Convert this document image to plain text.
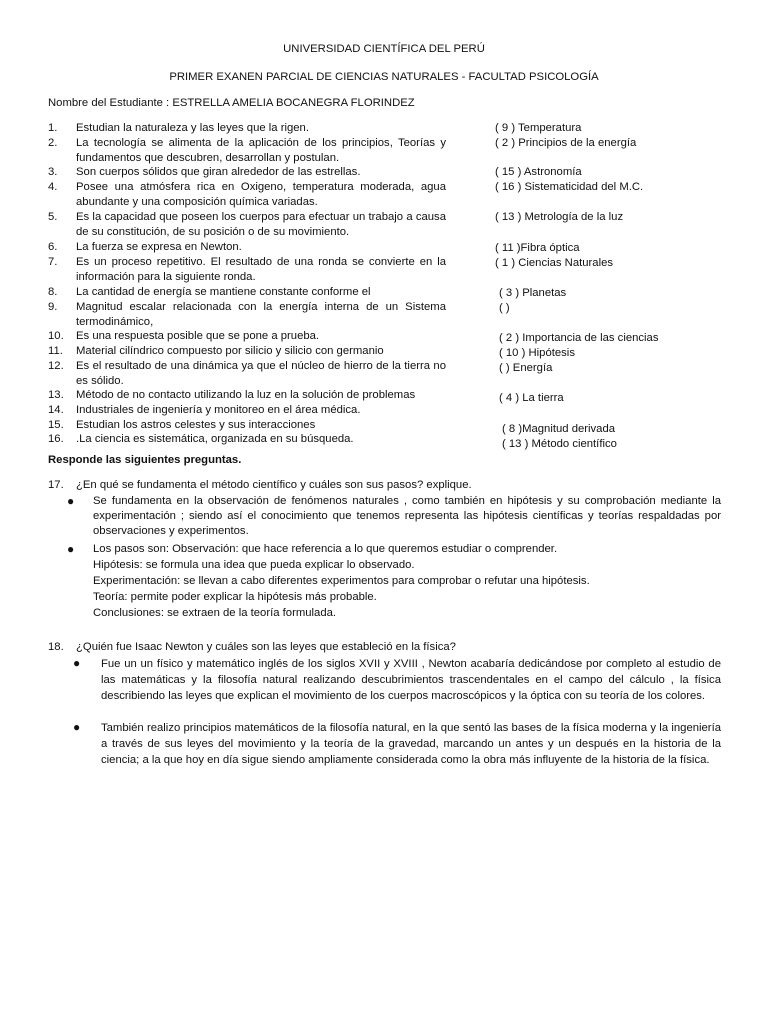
UNIVERSIDAD CIENTÍFICA DEL PERÚ
PRIMER EXANEN PARCIAL DE CIENCIAS NATURALES - FACULTAD PSICOLOGÍA
Nombre del Estudiante : ESTRELLA AMELIA BOCANEGRA FLORINDEZ
1. Estudian la naturaleza y las leyes que la rigen.
2. La tecnología se alimenta de la aplicación de los principios, Teorías y fundamentos que descubren, desarrollan y postulan.
3. Son cuerpos sólidos que giran alrededor de las estrellas.
4. Posee una atmósfera rica en Oxigeno, temperatura moderada, agua abundante y una composición química variadas.
5. Es la capacidad que poseen los cuerpos para efectuar un trabajo a causa de su constitución, de su posición o de su movimiento.
6. La fuerza se expresa en Newton.
7. Es un proceso repetitivo. El resultado de una ronda se convierte en la información para la siguiente ronda.
8. La cantidad de energía se mantiene constante conforme el
9. Magnitud escalar relacionada con la energía interna de un Sistema termodinámico,
10. Es una respuesta posible que se pone a prueba.
11. Material cilíndrico compuesto por silicio y silicio con germanio
12. Es el resultado de una dinámica ya que el núcleo de hierro de la tierra no es sólido.
13. Método de no contacto utilizando la luz en la solución de problemas
14. Industriales de ingeniería y monitoreo en el área médica.
15. Estudian los astros celestes y sus interacciones
16. .La ciencia es sistemática, organizada en su búsqueda.
( 9 ) Temperatura
( 2 ) Principios de la energía
( 15 ) Astronomía
( 16 ) Sistematicidad del M.C.
( 13 ) Metrología de la luz
( 11 )Fibra óptica
( 1 ) Ciencias Naturales
( 3 ) Planetas
( )
( 2 ) Importancia de las ciencias
( 10 ) Hipótesis
( ) Energía
( 4 ) La tierra
( 8 )Magnitud derivada
( 13 ) Método científico
Responde las siguientes preguntas.
17. ¿En qué se fundamenta el método científico y cuáles son sus pasos? explique.
● Se fundamenta en la observación de fenómenos naturales , como también en hipótesis y su comprobación mediante la experimentación ; siendo así el conocimiento que tenemos representa las hipótesis científicas y teorías respaldadas por observaciones y experimentos.
● Los pasos son: Observación: que hace referencia a lo que queremos estudiar o comprender.
Hipótesis: se formula una idea que pueda explicar lo observado.
Experimentación: se llevan a cabo diferentes experimentos para comprobar o refutar una hipótesis.
Teoría: permite poder explicar la hipótesis más probable.
Conclusiones: se extraen de la teoría formulada.
18. ¿Quién fue Isaac Newton y cuáles son las leyes que estableció en la física?
● Fue un un físico y matemático inglés de los siglos XVII y XVIII , Newton acabaría dedicándose por completo al estudio de las matemáticas y la filosofía natural realizando descubrimientos trascendentales en el campo del cálculo , la física describiendo las leyes que explican el movimiento de los cuerpos macroscópicos y la óptica con su teoría de los colores.
● También realizo principios matemáticos de la filosofía natural, en la que sentó las bases de la física moderna y la ingeniería a través de sus leyes del movimiento y la teoría de la gravedad, marcando un antes y un después en la historia de la ciencia; a la que hoy en día sigue siendo ampliamente considerada como la obra más influyente de la historia de la física.
